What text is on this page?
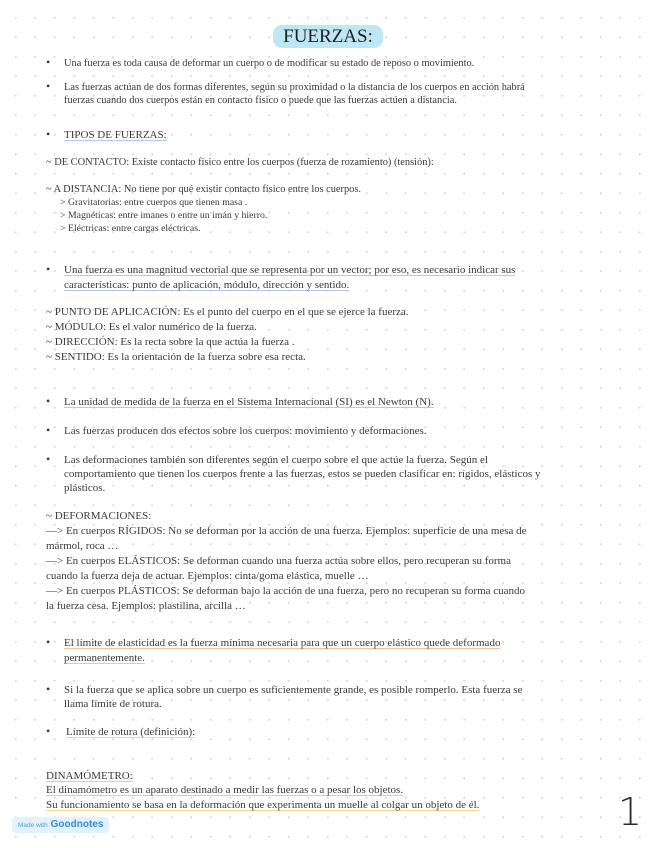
FUERZAS:
• Una fuerza es toda causa de deformar un cuerpo o de modificar su estado de reposo o movimiento.
• Las fuerzas actúan de dos formas diferentes, según su proximidad o la distancia de los cuerpos en acción habrá
fuerzas cuando dos cuerpos están en contacto físico o puede que las fuerzas actúen a distancia.
• TIPOS DE FUERZAS:
~ DE CONTACTO: Existe contacto físico entre los cuerpos (fuerza de rozamiento) (tensión):
~ A DISTANCIA: No tiene por qué existir contacto físico entre los cuerpos.
> Gravitatorias: entre cuerpos que tienen masa .
> Magnéticas: entre imanes o entre un imán y hierro.
> Eléctricas: entre cargas eléctricas.
• Una fuerza es una magnitud vectorial que se representa por un vector; por eso, es necesario indicar sus
características: punto de aplicación, módulo, dirección y sentido.
~ PUNTO DE APLICACIÓN: Es el punto del cuerpo en el que se ejerce la fuerza.
~ MÓDULO: Es el valor numérico de la fuerza.
~ DIRECCIÓN: Es la recta sobre la que actúa la fuerza .
~ SENTIDO: Es la orientación de la fuerza sobre esa recta.
• La unidad de medida de la fuerza en el Sistema Internacional (SI) es el Newton (N).
• Las fuerzas producen dos efectos sobre los cuerpos: movimiento y deformaciones.
• Las deformaciones también son diferentes según el cuerpo sobre el que actúe la fuerza. Según el
comportamiento que tienen los cuerpos frente a las fuerzas, estos se pueden clasificar en: rígidos, elásticos y
plásticos.
~ DEFORMACIONES:
—> En cuerpos RÍGIDOS: No se deforman por la acción de una fuerza. Ejemplos: superficie de una mesa de
mármol, roca …
—> En cuerpos ELÁSTICOS: Se deforman cuando una fuerza actúa sobre ellos, pero recuperan su forma
cuando la fuerza deja de actuar. Ejemplos: cinta/goma elástica, muelle …
—> En cuerpos PLÁSTICOS: Se deforman bajo la acción de una fuerza, pero no recuperan su forma cuando
la fuerza cesa. Ejemplos: plastilina, arcilla …
• El límite de elasticidad es la fuerza mínima necesaria para que un cuerpo elástico quede deformado
permanentemente.
• Si la fuerza que se aplica sobre un cuerpo es suficientemente grande, es posible romperlo. Esta fuerza se
llama límite de rotura.
• Límite de rotura (definición):
DINAMÓMETRO:
El dinamómetro es un aparato destinado a medir las fuerzas o a pesar los objetos.
Su funcionamiento se basa en la deformación que experimenta un muelle al colgar un objeto de él.
Made with Goodnotes	1
